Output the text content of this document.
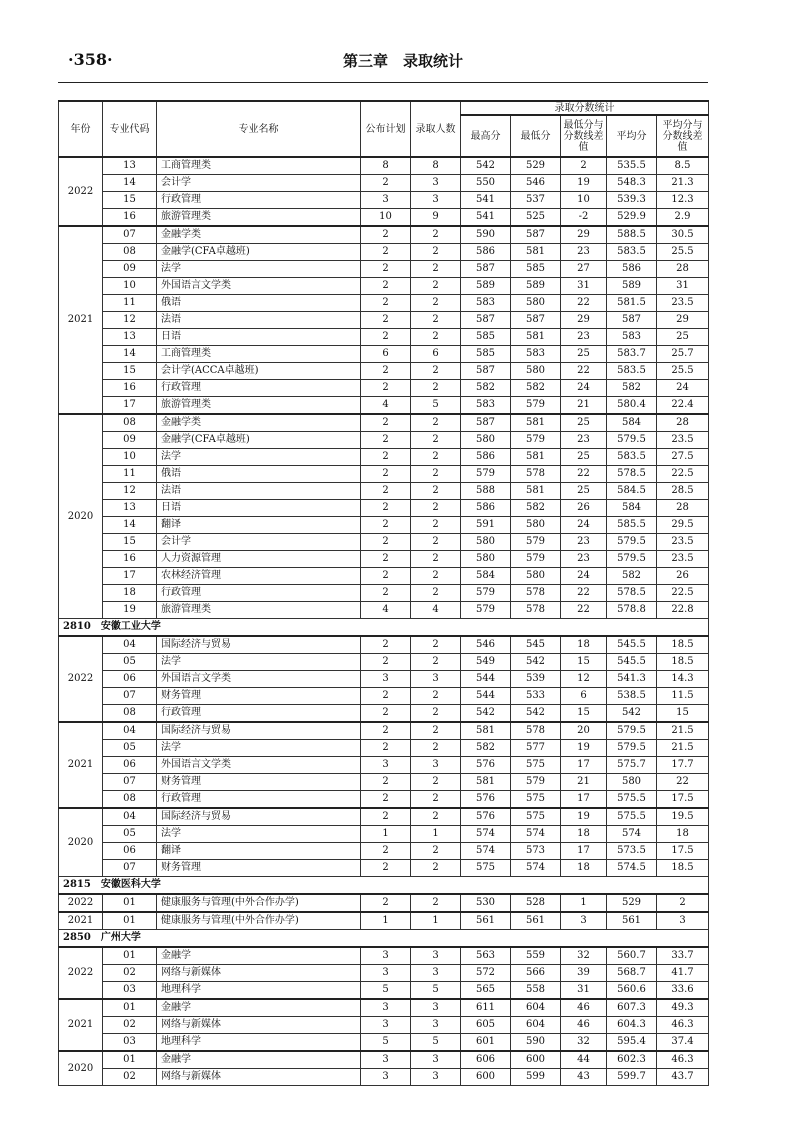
·358·	第三章　录取统计
年份	专业代码	专业名称	公布计划	录取人数	录取分数统计				
					最高分	最低分	最低分与分数线差值	平均分	平均分与分数线差值
2022	13	工商管理类	8	8	542	529	2	535.5	8.5
	14	会计学	2	3	550	546	19	548.3	21.3
	15	行政管理	3	3	541	537	10	539.3	12.3
	16	旅游管理类	10	9	541	525	-2	529.9	2.9
2021	07	金融学类	2	2	590	587	29	588.5	30.5
	08	金融学(CFA卓越班)	2	2	586	581	23	583.5	25.5
	09	法学	2	2	587	585	27	586	28
	10	外国语言文学类	2	2	589	589	31	589	31
	11	俄语	2	2	583	580	22	581.5	23.5
	12	法语	2	2	587	587	29	587	29
	13	日语	2	2	585	581	23	583	25
	14	工商管理类	6	6	585	583	25	583.7	25.7
	15	会计学(ACCA卓越班)	2	2	587	580	22	583.5	25.5
	16	行政管理	2	2	582	582	24	582	24
	17	旅游管理类	4	5	583	579	21	580.4	22.4
2020	08	金融学类	2	2	587	581	25	584	28
	09	金融学(CFA卓越班)	2	2	580	579	23	579.5	23.5
	10	法学	2	2	586	581	25	583.5	27.5
	11	俄语	2	2	579	578	22	578.5	22.5
	12	法语	2	2	588	581	25	584.5	28.5
	13	日语	2	2	586	582	26	584	28
	14	翻译	2	2	591	580	24	585.5	29.5
	15	会计学	2	2	580	579	23	579.5	23.5
	16	人力资源管理	2	2	580	579	23	579.5	23.5
	17	农林经济管理	2	2	584	580	24	582	26
	18	行政管理	2	2	579	578	22	578.5	22.5
	19	旅游管理类	4	4	579	578	22	578.8	22.8
2810　安徽工业大学									
2022	04	国际经济与贸易	2	2	546	545	18	545.5	18.5
	05	法学	2	2	549	542	15	545.5	18.5
	06	外国语言文学类	3	3	544	539	12	541.3	14.3
	07	财务管理	2	2	544	533	6	538.5	11.5
	08	行政管理	2	2	542	542	15	542	15
2021	04	国际经济与贸易	2	2	581	578	20	579.5	21.5
	05	法学	2	2	582	577	19	579.5	21.5
	06	外国语言文学类	3	3	576	575	17	575.7	17.7
	07	财务管理	2	2	581	579	21	580	22
	08	行政管理	2	2	576	575	17	575.5	17.5
2020	04	国际经济与贸易	2	2	576	575	19	575.5	19.5
	05	法学	1	1	574	574	18	574	18
	06	翻译	2	2	574	573	17	573.5	17.5
	07	财务管理	2	2	575	574	18	574.5	18.5
2815　安徽医科大学									
2022	01	健康服务与管理(中外合作办学)	2	2	530	528	1	529	2
2021	01	健康服务与管理(中外合作办学)	1	1	561	561	3	561	3
2850　广州大学									
2022	01	金融学	3	3	563	559	32	560.7	33.7
	02	网络与新媒体	3	3	572	566	39	568.7	41.7
	03	地理科学	5	5	565	558	31	560.6	33.6
2021	01	金融学	3	3	611	604	46	607.3	49.3
	02	网络与新媒体	3	3	605	604	46	604.3	46.3
	03	地理科学	5	5	601	590	32	595.4	37.4
2020	01	金融学	3	3	606	600	44	602.3	46.3
	02	网络与新媒体	3	3	600	599	43	599.7	43.7
